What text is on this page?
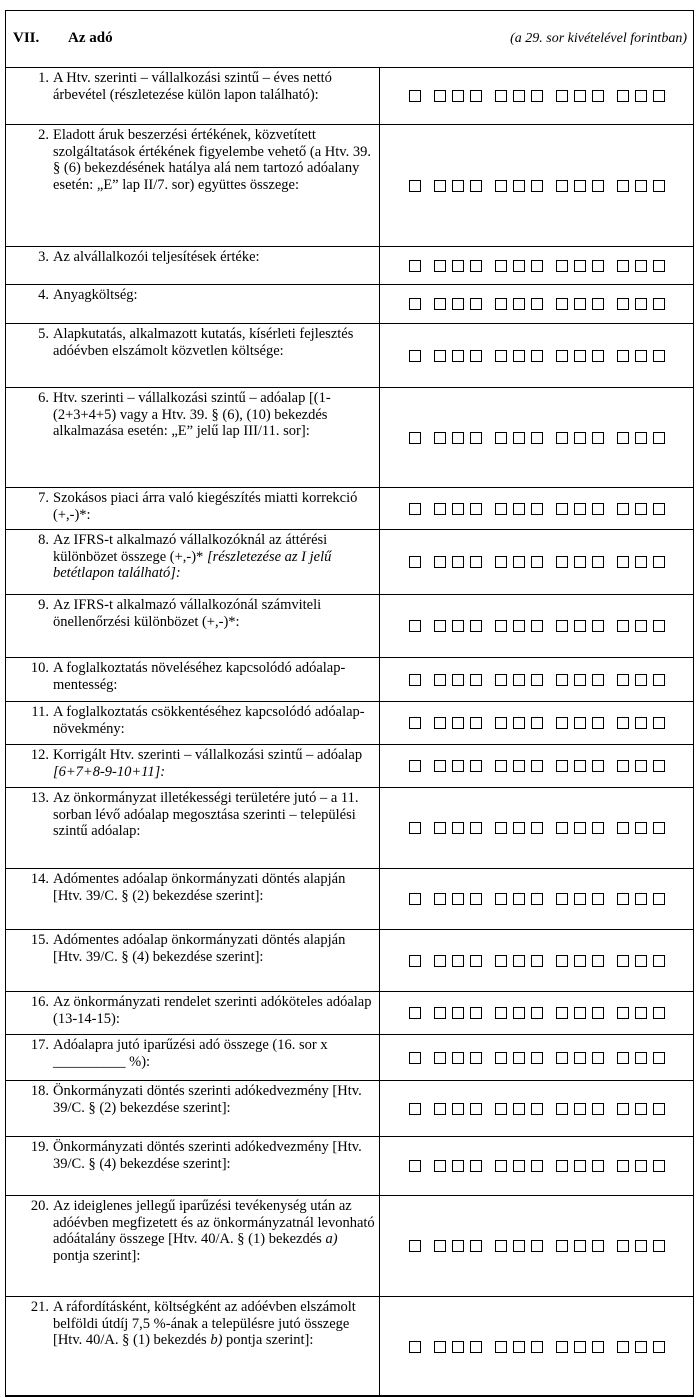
VII. Az adó	(a 29. sor kivételével forintban)
1. A Htv. szerinti – vállalkozási szintű – éves nettó árbevétel (részletezése külön lapon található):
2. Eladott áruk beszerzési értékének, közvetített szolgáltatások értékének figyelembe vehető (a Htv. 39. § (6) bekezdésének hatálya alá nem tartozó adóalany esetén: „E” lap II/7. sor) együttes összege:
3. Az alvállalkozói teljesítések értéke:
4. Anyagköltség:
5. Alapkutatás, alkalmazott kutatás, kísérleti fejlesztés adóévben elszámolt közvetlen költsége:
6. Htv. szerinti – vállalkozási szintű – adóalap [(1-(2+3+4+5) vagy a Htv. 39. § (6), (10) bekezdés alkalmazása esetén: „E” jelű lap III/11. sor]:
7. Szokásos piaci árra való kiegészítés miatti korrekció (+,-)*:
8. Az IFRS-t alkalmazó vállalkozóknál az áttérési különbözet összege (+,-)* [részletezése az I jelű betétlapon található]:
9. Az IFRS-t alkalmazó vállalkozónál számviteli önellenőrzési különbözet (+,-)*:
10. A foglalkoztatás növeléséhez kapcsolódó adóalap-mentesség:
11. A foglalkoztatás csökkentéséhez kapcsolódó adóalap-növekmény:
12. Korrigált Htv. szerinti – vállalkozási szintű – adóalap [6+7+8-9-10+11]:
13. Az önkormányzat illetékességi területére jutó – a 11. sorban lévő adóalap megosztása szerinti – települési szintű adóalap:
14. Adómentes adóalap önkormányzati döntés alapján [Htv. 39/C. § (2) bekezdése szerint]:
15. Adómentes adóalap önkormányzati döntés alapján [Htv. 39/C. § (4) bekezdése szerint]:
16. Az önkormányzati rendelet szerinti adóköteles adóalap (13-14-15):
17. Adóalapra jutó iparűzési adó összege (16. sor x __________ %):
18. Önkormányzati döntés szerinti adókedvezmény [Htv. 39/C. § (2) bekezdése szerint]:
19. Önkormányzati döntés szerinti adókedvezmény [Htv. 39/C. § (4) bekezdése szerint]:
20. Az ideiglenes jellegű iparűzési tevékenység után az adóévben megfizetett és az önkormányzatnál levonható adóátalány összege [Htv. 40/A. § (1) bekezdés a) pontja szerint]:
21. A ráfordításként, költségként az adóévben elszámolt belföldi útdíj 7,5 %-ának a településre jutó összege [Htv. 40/A. § (1) bekezdés b) pontja szerint]:
